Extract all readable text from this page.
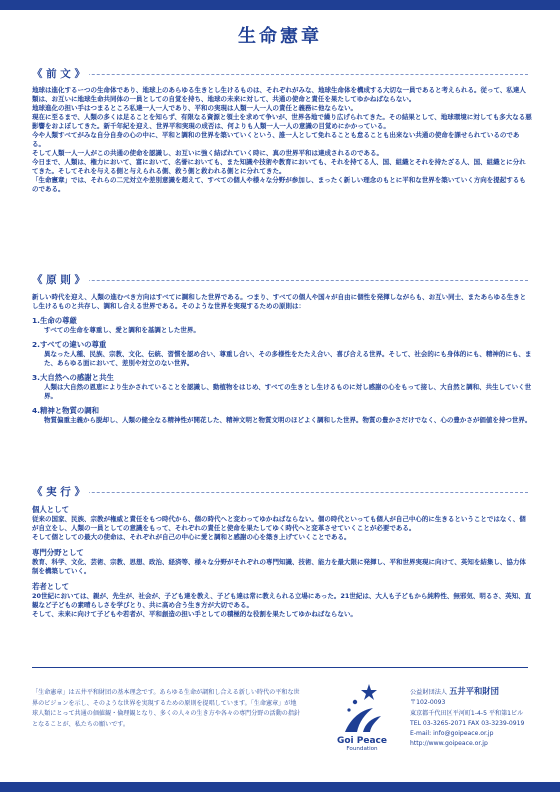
生命憲章
《 前 文 》

地球は進化するーつの生命体であり、地球上のあらゆる生きとし生けるものは、それぞれがみな、地球生命体を構成する大切な一員であると考えられる。従って、私達人類は、お互いに地球生命共同体の一員としての自覚を持ち、地球の未来に対して、共通の使命と責任を果たしてゆかねばならない。

地球進化の担い手はつまるところ私達一人一人であり、平和の実現は人類一人一人の責任と義務に他ならない。

現在に至るまで、人類の多くは足ることを知らず、有限なる資源と領土を求めて争いが、世界各地で繰り広げられてきた。その結果として、地球環境に対しても多大なる悪影響をおよぼしてきた。新千年紀を迎え、世界平和実現の成否は、何よりも人類一人一人の意識の目覚めにかかっている。

今や人類すべてがみな自分自身の心の中に、平和と調和の世界を築いていくという、誰一人として免れることも怠ることも出来ない共通の使命を課せられているのである。

そして人類一人一人がこの共通の使命を認識し、お互いに強く結ばれていく時に、真の世界平和は達成されるのである。

今日まで、人類は、権力において、富において、名誉においても、また知識や技術や教育においても、それを持てる人、国、組織とそれを持たざる人、国、組織とに分れてきた。そしてそれを与える側と与えられる側、救う側と救われる側とに分れてきた。

「生命憲章」では、それらの二元対立や差別意識を超えて、すべての個人や様々な分野が参加し、まったく新しい理念のもとに平和な世界を築いていく方向を提起するものである。

《 原 則 》

新しい時代を迎え、人類の進むべき方向はすべてに調和した世界である。つまり、すべての個人や国々が自由に個性を発揮しながらも、お互い同士、またあらゆる生きとし生けるものと共存し、調和し合える世界である。そのような世界を実現するための原則は：

1.生命の尊厳

すべての生命を尊重し、愛と調和を基調とした世界。

2.すべての違いの尊重

異なった人種、民族、宗教、文化、伝統、習慣を認め合い、尊重し合い、その多様性をたたえ合い、喜び合える世界。そして、社会的にも身体的にも、精神的にも、また、あらゆる面において、差別や対立のない世界。

3.大自然への感謝と共生

人類は大自然の恩恵により生かされていることを認識し、動植物をはじめ、すべての生きとし生けるものに対し感謝の心をもって接し、大自然と調和、共生していく世界。

4.精神と物質の調和

物質偏重主義から脱却し、人類の健全なる精神性が開花した、精神文明と物質文明のほどよく調和した世界。物質の豊かさだけでなく、心の豊かさが価値を持つ世界。

《 実 行 》

個人として

従来の国家、民族、宗教が権威と責任をもつ時代から、個の時代へと変わってゆかねばならない。個の時代といっても個人が自己中心的に生きるということではなく、個が自立をし、人類の一員としての意識をもって、それぞれの責任と使命を果たしてゆく時代へと変革させていくことが必要である。

そして個としての最大の使命は、それぞれが自己の中心に愛と調和と感謝の心を築き上げていくことである。

専門分野として

教育、科学、文化、芸術、宗教、思想、政治、経済等、様々な分野がそれぞれの専門知識、技術、能力を最大限に発揮し、平和世界実現に向けて、英知を結集し、協力体制を構築していく。

若者として

20世紀においては、親が、先生が、社会が、子ども達を教え、子ども達は常に教えられる立場にあった。21世紀は、大人も子どもから純粋性、無邪気、明るさ、英知、直観など子どもの素晴らしさを学びとり、共に高め合う生き方が大切である。

そして、未来に向けて子どもや若者が、平和創造の担い手としての積極的な役割を果たしてゆかねばならない。

「生命憲章」は五井平和財団の基本理念です。あらゆる生命が調和し合える新しい時代の平和な世界のビジョンを示し、そのような世界を実現するための原則を提唱しています。「生命憲章」が地球人類にとって共通の価値観・倫理観となり、多くの人々の生き方や各々の専門分野の活動の指針となることが、私たちの願いです。
Goi Peace
Foundation
公益財団法人 五井平和財団
〒102-0093
東京都千代田区平河町1-4-5 平和第1ビル
TEL 03-3265-2071 FAX 03-3239-0919
E-mail: info@goipeace.or.jp
http://www.goipeace.or.jp
